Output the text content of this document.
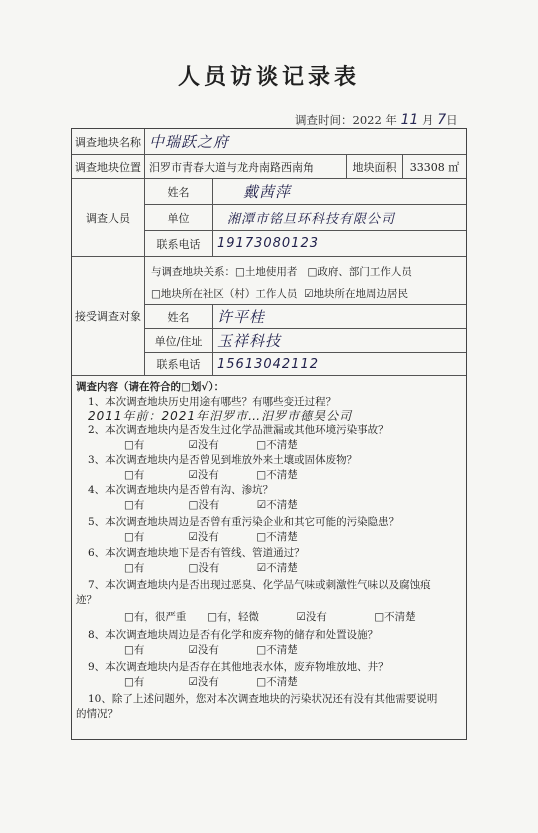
人员访谈记录表
调查时间：2022 年 11 月 7日
调查地块名称 中瑞跃之府
调查地块位置 汨罗市青春大道与龙舟南路西南角	地块面积	33308 ㎡
调查人员
姓名	戴茜萍
单位	湘潭市铭旦环科技有限公司
联系电话	19173080123
接受调查对象
与调查地块关系：□土地使用者 □政府、部门工作人员
□地块所在社区（村）工作人员 ☑地块所在地周边居民
姓名	许平桂
单位/住址 玉祥科技
联系电话	15613042112
调查内容（请在符合的□划√）：
1、本次调查地块历史用途有哪些？有哪些变迁过程？
2011年前：2021年汨罗市…汨罗市德昊公司
2、本次调查地块内是否发生过化学品泄漏或其他环境污染事故？
□有	☑没有	□不清楚
3、本次调查地块内是否曾见到堆放外来土壤或固体废物？
□有	☑没有	□不清楚
4、本次调查地块内是否曾有沟、渗坑？
□有	□没有	☑不清楚
5、本次调查地块周边是否曾有重污染企业和其它可能的污染隐患？
□有	☑没有	□不清楚
6、本次调查地块地下是否有管线、管道通过？
□有	□没有	☑不清楚
7、本次调查地块内是否出现过恶臭、化学品气味或刺激性气味以及腐蚀痕
迹？
□有，很严重 □有，轻微	☑没有	□不清楚
8、本次调查地块周边是否有化学和废弃物的储存和处置设施？
□有	☑没有	□不清楚
9、本次调查地块内是否存在其他地表水体，废弃物堆放地、井？
□有	☑没有	□不清楚
10、除了上述问题外，您对本次调查地块的污染状况还有没有其他需要说明
的情况？
